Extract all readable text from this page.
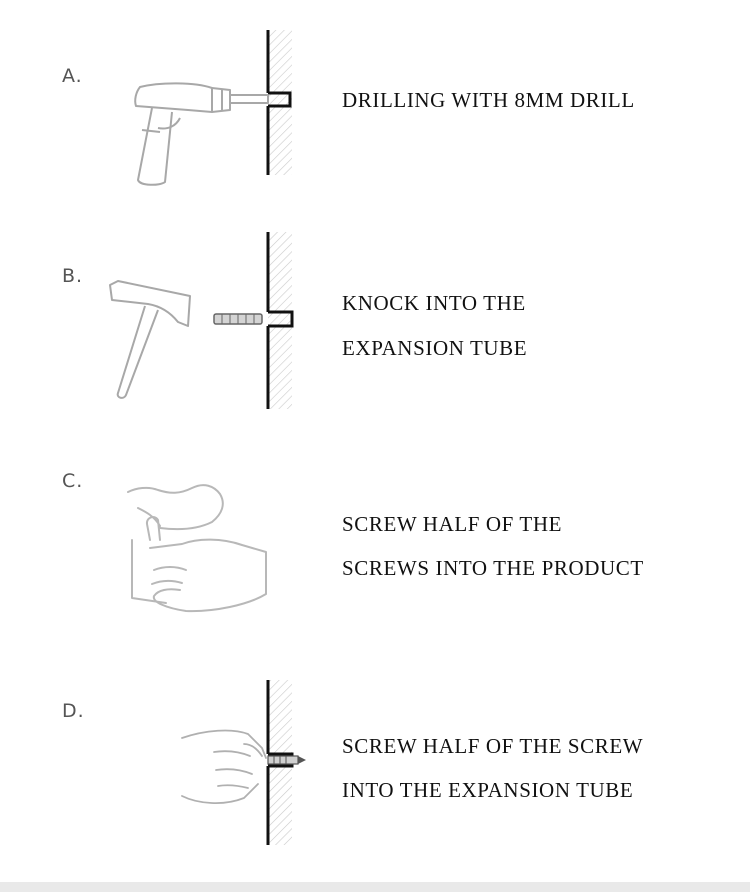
A.
DRILLING WITH 8MM DRILL
B.
KNOCK INTO THE
EXPANSION TUBE
C.
SCREW HALF OF THE
SCREWS INTO THE PRODUCT
D.
SCREW HALF OF THE SCREW
INTO THE EXPANSION TUBE
